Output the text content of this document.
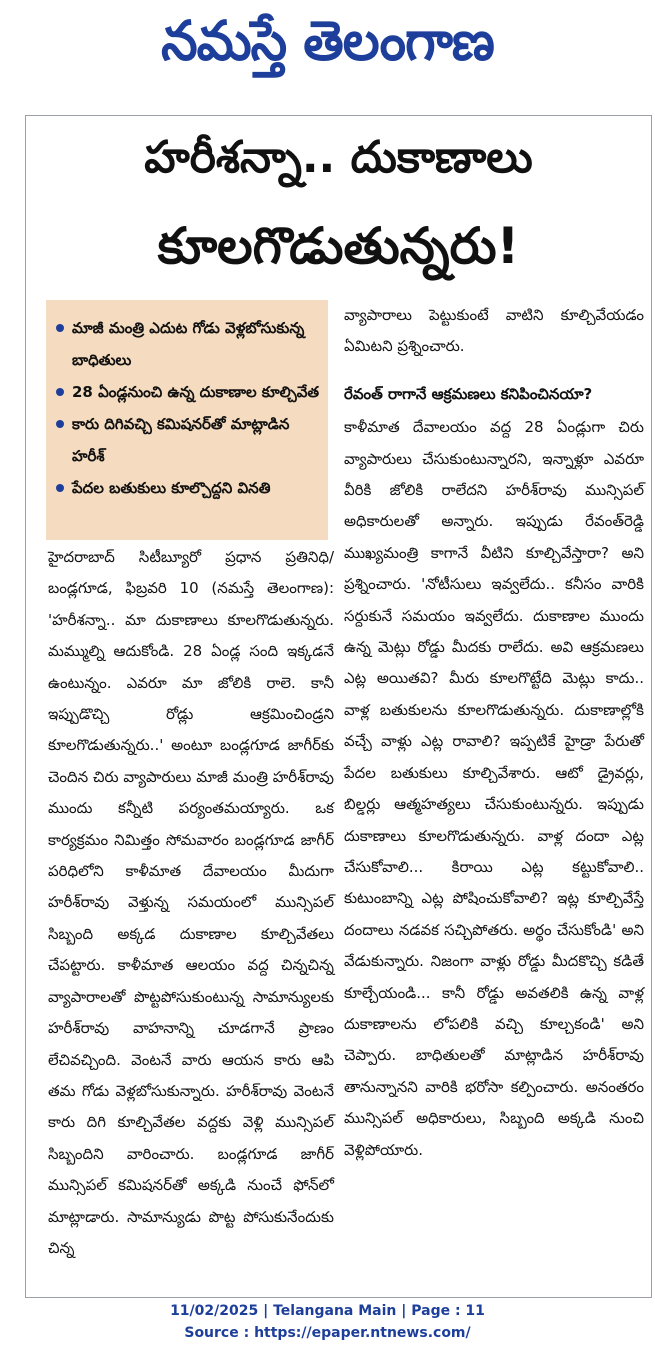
నమస్తే తెలంగాణ
హరీశన్నా.. దుకాణాలు
కూలగొడుతున్నరు!
మాజీ మంత్రి ఎదుట గోడు వెళ్లబోసుకున్న బాధితులు
28 ఏండ్లనుంచి ఉన్న దుకాణాల కూల్చివేత
కారు దిగివచ్చి కమిషనర్‌తో మాట్లాడిన హరీశ్
పేదల బతుకులు కూల్చొద్దని వినతి

హైదరాబాద్ సిటీబ్యూరో ప్రధాన ప్రతినిధి/బండ్లగూడ, ఫిబ్రవరి 10 (నమస్తే తెలంగాణ): 'హరీశన్నా.. మా దుకాణాలు కూలగొడుతున్నరు. మమ్ముల్ని ఆదుకోండి. 28 ఏండ్ల సంది ఇక్కడనే ఉంటున్నం. ఎవరూ మా జోలికి రాలె. కానీ ఇప్పుడొచ్చి రోడ్లు ఆక్రమించిండ్రని కూలగొడుతున్నరు..' అంటూ బండ్లగూడ జాగీర్‌కు చెందిన చిరు వ్యాపారులు మాజీ మంత్రి హరీశ్‌రావు ముందు కన్నీటి పర్యంతమయ్యారు. ఒక కార్యక్రమం నిమిత్తం సోమవారం బండ్లగూడ జాగీర్ పరిధిలోని కాళీమాత దేవాలయం మీదుగా హరీశ్‌రావు వెళ్తున్న సమయంలో మున్సిపల్ సిబ్బంది అక్కడ దుకాణాల కూల్చివేతలు చేపట్టారు. కాళీమాత ఆలయం వద్ద చిన్నచిన్న వ్యాపారాలతో పొట్టపోసుకుంటున్న సామాన్యులకు హరీశ్‌రావు వాహనాన్ని చూడగానే ప్రాణం లేచివచ్చింది. వెంటనే వారు ఆయన కారు ఆపి తమ గోడు వెళ్లబోసుకున్నారు. హరీశ్‌రావు వెంటనే కారు దిగి కూల్చివేతల వద్దకు వెళ్లి మున్సిపల్ సిబ్బందిని వారించారు. బండ్లగూడ జాగీర్ మున్సిపల్ కమిషనర్‌తో అక్కడి నుంచే ఫోన్‌లో మాట్లాడారు. సామాన్యుడు పొట్ట పోసుకునేందుకు చిన్న

వ్యాపారాలు పెట్టుకుంటే వాటిని కూల్చివేయడం ఏమిటని ప్రశ్నించారు.

రేవంత్ రాగానే ఆక్రమణలు కనిపించినయా?

కాళీమాత దేవాలయం వద్ద 28 ఏండ్లుగా చిరు వ్యాపారులు చేసుకుంటున్నారని, ఇన్నాళ్లూ ఎవరూ వీరికి జోలికి రాలేదని హరీశ్‌రావు మున్సిపల్ అధికారులతో అన్నారు. ఇప్పుడు రేవంత్‌రెడ్డి ముఖ్యమంత్రి కాగానే వీటిని కూల్చివేస్తారా? అని ప్రశ్నించారు. 'నోటీసులు ఇవ్వలేదు.. కనీసం వారికి సర్దుకునే సమయం ఇవ్వలేదు. దుకాణాల ముందు ఉన్న మెట్లు రోడ్డు మీదకు రాలేదు. అవి ఆక్రమణలు ఎట్ల అయితవి? మీరు కూలగొట్టేది మెట్లు కాదు.. వాళ్ల బతుకులను కూలగొడుతున్నరు. దుకాణాల్లోకి వచ్చే వాళ్లు ఎట్ల రావాలి? ఇప్పటికే హైడ్రా పేరుతో పేదల బతుకులు కూల్చివేశారు. ఆటో డ్రైవర్లు, బిల్డర్లు ఆత్మహత్యలు చేసుకుంటున్నరు. ఇప్పుడు దుకాణాలు కూలగొడుతున్నరు. వాళ్ల దందా ఎట్ల చేసుకోవాలి... కిరాయి ఎట్ల కట్టుకోవాలి.. కుటుంబాన్ని ఎట్ల పోషించుకోవాలి? ఇట్ల కూల్చివేస్తే దందాలు నడవక సచ్చిపోతరు. అర్థం చేసుకోండి' అని వేడుకున్నారు. నిజంగా వాళ్లు రోడ్డు మీదకొచ్చి కడితే కూల్చేయండి... కానీ రోడ్డు అవతలికి ఉన్న వాళ్ల దుకాణాలను లోపలికి వచ్చి కూల్చకండి' అని చెప్పారు. బాధితులతో మాట్లాడిన హరీశ్‌రావు తానున్నానని వారికి భరోసా కల్పించారు. అనంతరం మున్సిపల్ అధికారులు, సిబ్బంది అక్కడి నుంచి వెళ్లిపోయారు.

11/02/2025 | Telangana Main | Page : 11
Source : https://epaper.ntnews.com/
